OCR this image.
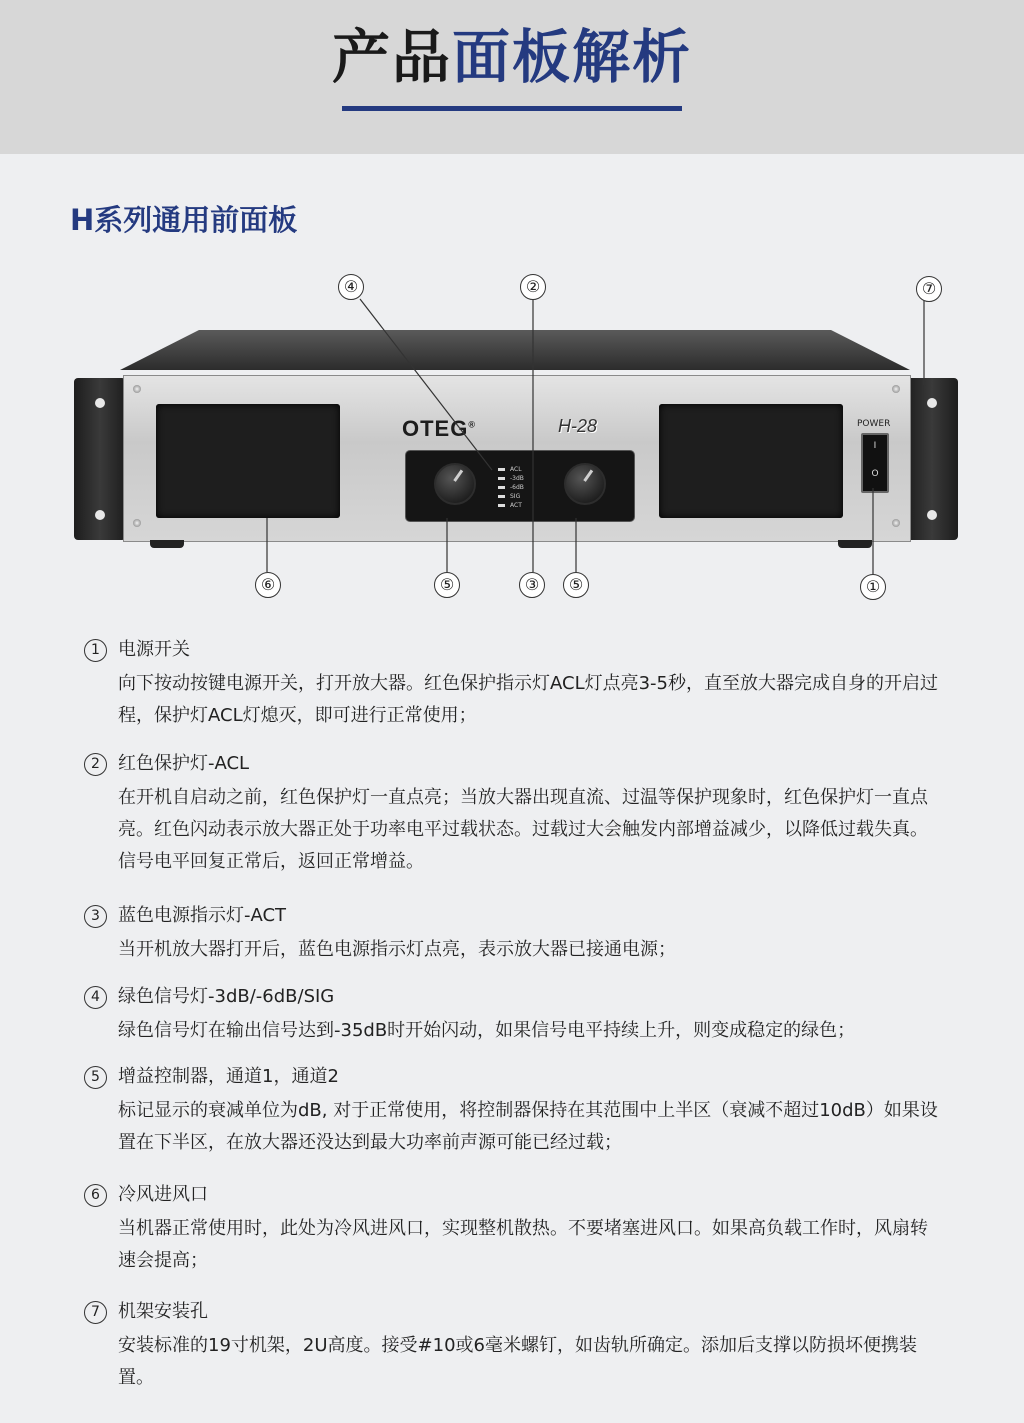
产品面板解析
H系列通用前面板
OTEG®	H-28
ACL
-3dB
-6dB
SIG
ACT
POWER
I
O
④	②	⑦
⑥	⑤	③	⑤	①
1	电源开关
向下按动按键电源开关，打开放大器。红色保护指示灯ACL灯点亮3-5秒，直至放大器完成自身的开启过程，保护灯ACL灯熄灭，即可进行正常使用；
2	红色保护灯-ACL
在开机自启动之前，红色保护灯一直点亮；当放大器出现直流、过温等保护现象时，红色保护灯一直点亮。红色闪动表示放大器正处于功率电平过载状态。过载过大会触发内部增益减少，以降低过载失真。信号电平回复正常后，返回正常增益。
3	蓝色电源指示灯-ACT
当开机放大器打开后，蓝色电源指示灯点亮，表示放大器已接通电源；
4	绿色信号灯-3dB/-6dB/SIG
绿色信号灯在输出信号达到-35dB时开始闪动，如果信号电平持续上升，则变成稳定的绿色；
5	增益控制器，通道1，通道2
标记显示的衰减单位为dB, 对于正常使用，将控制器保持在其范围中上半区（衰减不超过10dB）如果设置在下半区，在放大器还没达到最大功率前声源可能已经过载；
6	冷风进风口
当机器正常使用时，此处为冷风进风口，实现整机散热。不要堵塞进风口。如果高负载工作时，风扇转速会提高；
7	机架安装孔
安装标准的19寸机架，2U高度。接受#10或6毫米螺钉，如齿轨所确定。添加后支撑以防损坏便携装置。
